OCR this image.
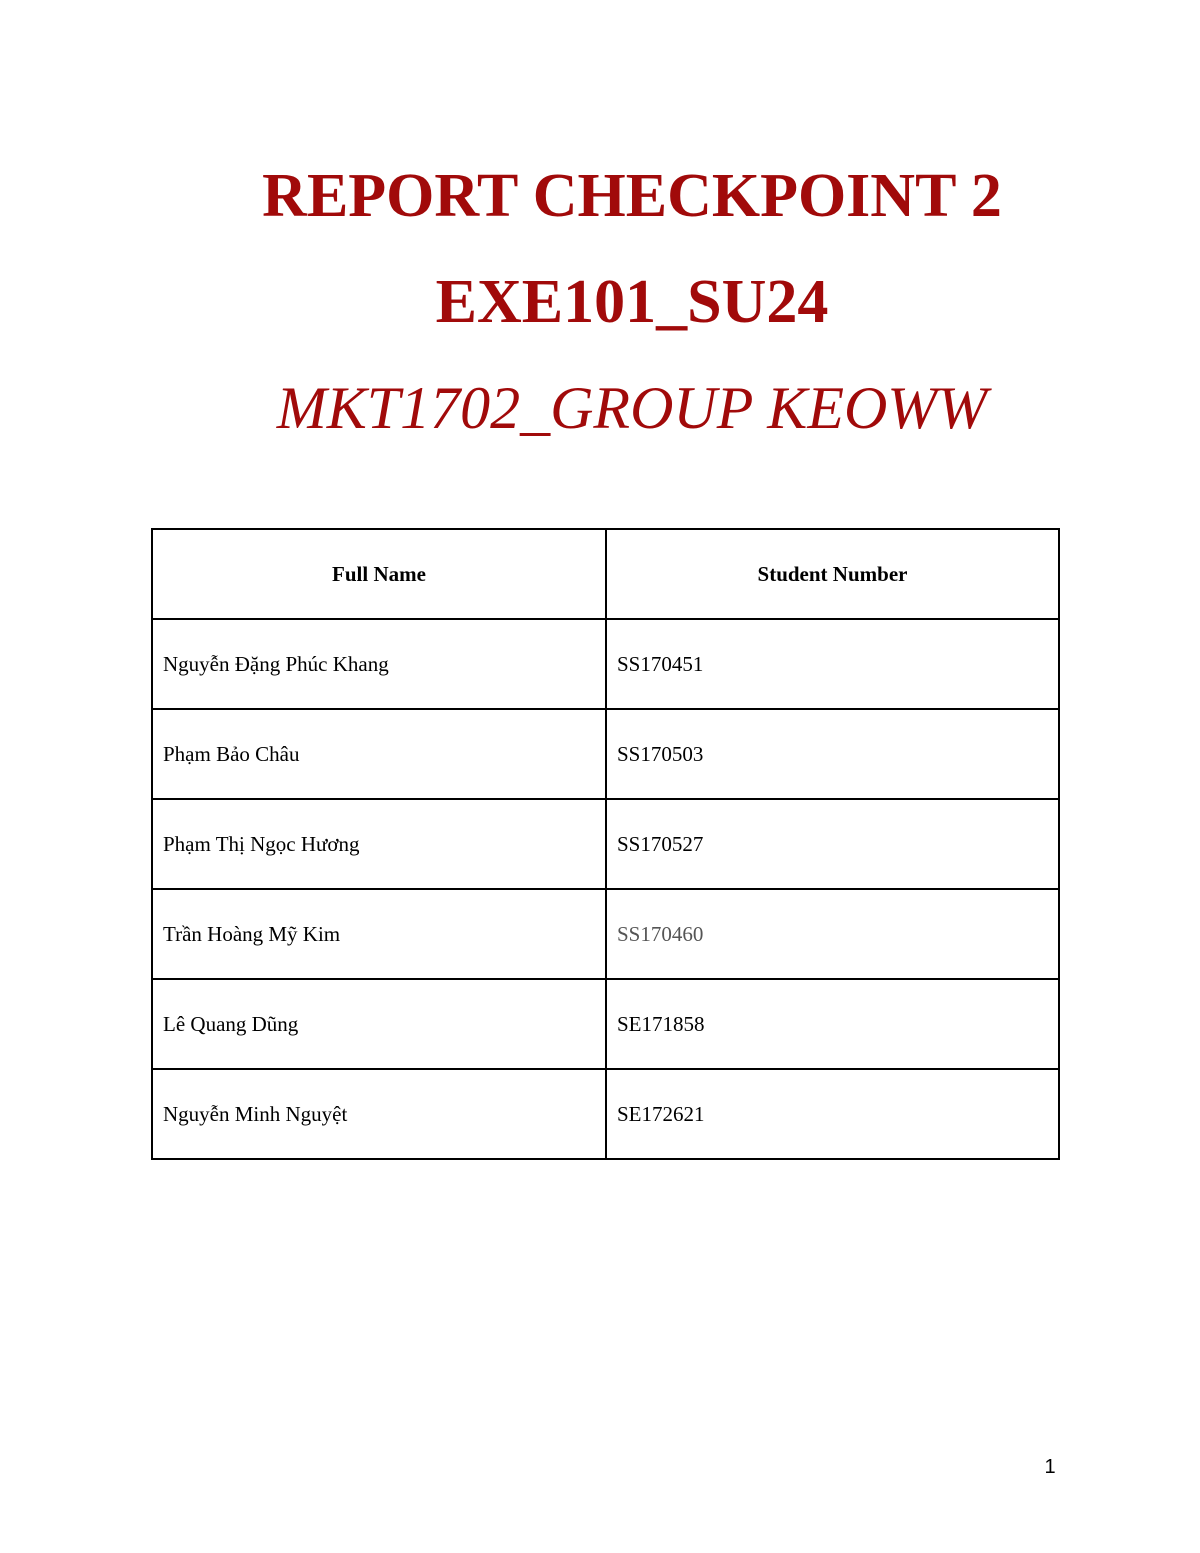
REPORT CHECKPOINT 2
EXE101_SU24
MKT1702_GROUP KEOWW
Full Name	Student Number
Nguyễn Đặng Phúc Khang	SS170451
Phạm Bảo Châu	SS170503
Phạm Thị Ngọc Hương	SS170527
Trần Hoàng Mỹ Kim	SS170460
Lê Quang Dũng	SE171858
Nguyễn Minh Nguyệt	SE172621
1
